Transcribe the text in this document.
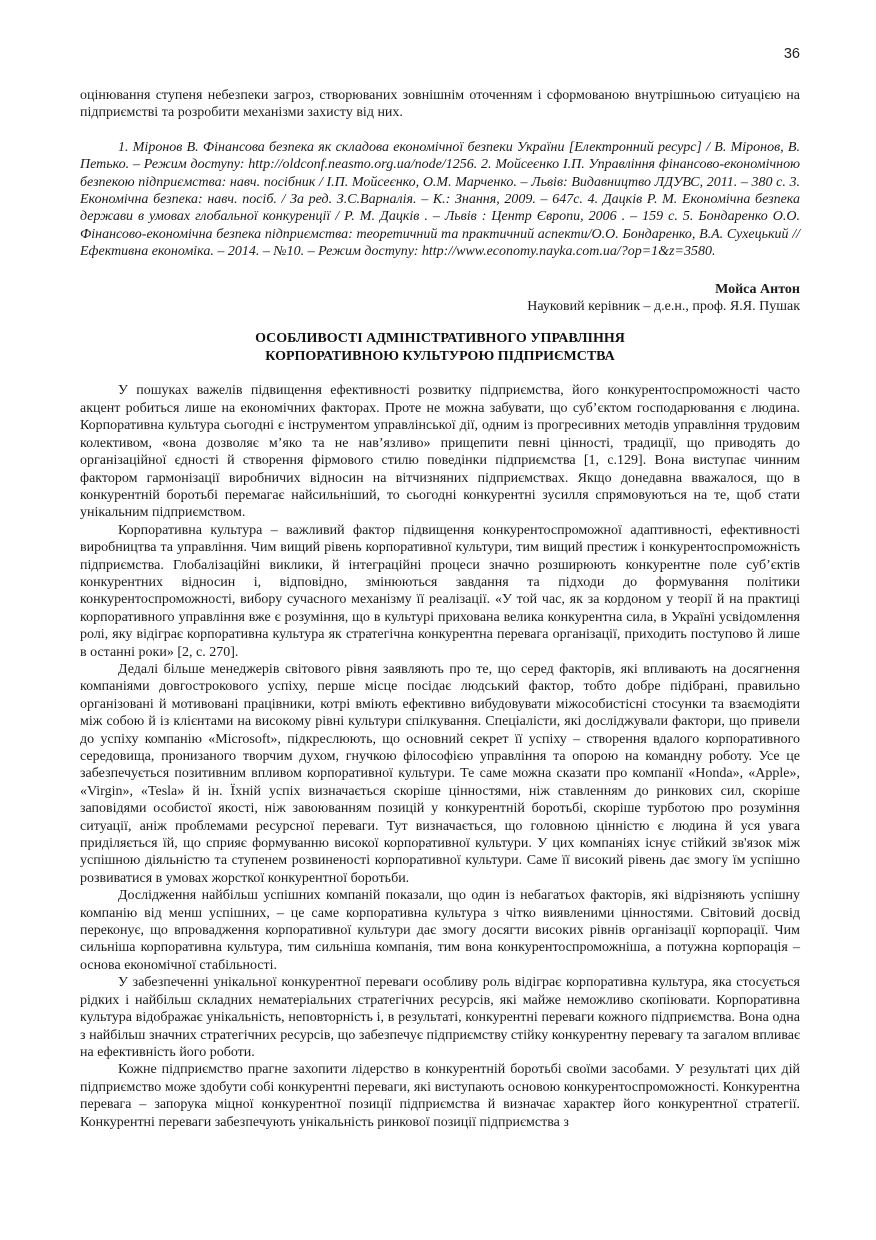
36

оцінювання ступеня небезпеки загроз, створюваних зовнішнім оточенням і сформованою внутрішньою ситуацією на підприємстві та розробити механізми захисту від них.

1. Міронов В. Фінансова безпека як складова економічної безпеки України [Електронний ресурс] / В. Міронов, В. Петько. – Режим доступу: http://oldconf.neasmo.org.ua/node/1256. 2. Мойсеєнко І.П. Управління фінансово-економічною безпекою підприємства: навч. посібник / І.П. Мойсеєнко, О.М. Марченко. – Львів: Видавництво ЛДУВС, 2011. – 380 с. 3. Економічна безпека: навч. посіб. / За ред. З.С.Варналія. – К.: Знання, 2009. – 647с. 4. Дацків Р. М. Економічна безпека держави в умовах глобальної конкуренції / Р. М. Дацків . – Львів : Центр Європи, 2006 . – 159 с. 5. Бондаренко О.О. Фінансово-економічна безпека підприємства: теоретичний та практичний аспекти/О.О. Бондаренко, В.А. Сухецький //Ефективна економіка. – 2014. – №10. – Режим доступу: http://www.economy.nayka.com.ua/?op=1&z=3580.

Мойса Антон
Науковий керівник – д.е.н., проф. Я.Я. Пушак
ОСОБЛИВОСТІ АДМІНІСТРАТИВНОГО УПРАВЛІННЯ
КОРПОРАТИВНОЮ КУЛЬТУРОЮ ПІДПРИЄМСТВА

У пошуках важелів підвищення ефективності розвитку підприємства, його конкурентоспроможності часто акцент робиться лише на економічних факторах. Проте не можна забувати, що суб’єктом господарювання є людина. Корпоративна культура сьогодні є інструментом управлінської дії, одним із прогресивних методів управління трудовим колективом, «вона дозволяє м’яко та не нав’язливо» прищепити певні цінності, традиції, що приводять до організаційної єдності й створення фірмового стилю поведінки підприємства [1, с.129]. Вона виступає чинним фактором гармонізації виробничих відносин на вітчизняних підприємствах. Якщо донедавна вважалося, що в конкурентній боротьбі перемагає найсильніший, то сьогодні конкурентні зусилля спрямовуються на те, щоб стати унікальним підприємством.

Корпоративна культура – важливий фактор підвищення конкурентоспроможної адаптивності, ефективності виробництва та управління. Чим вищий рівень корпоративної культури, тим вищий престиж і конкурентоспроможність підприємства. Глобалізаційні виклики, й інтеграційні процеси значно розширюють конкурентне поле суб’єктів конкурентних відносин і, відповідно, змінюються завдання та підходи до формування політики конкурентоспроможності, вибору сучасного механізму її реалізації. «У той час, як за кордоном у теорії й на практиці корпоративного управління вже є розуміння, що в культурі прихована велика конкурентна сила, в Україні усвідомлення ролі, яку відіграє корпоративна культура як стратегічна конкурентна перевага організації, приходить поступово й лише в останні роки» [2, с. 270].

Дедалі більше менеджерів світового рівня заявляють про те, що серед факторів, які впливають на досягнення компаніями довгострокового успіху, перше місце посідає людський фактор, тобто добре підібрані, правильно організовані й мотивовані працівники, котрі вміють ефективно вибудовувати міжособистісні стосунки та взаємодіяти між собою й із клієнтами на високому рівні культури спілкування. Спеціалісти, які досліджували фактори, що привели до успіху компанію «Microsoft», підкреслюють, що основний секрет її успіху – створення вдалого корпоративного середовища, пронизаного творчим духом, гнучкою філософією управління та опорою на командну роботу. Усе це забезпечується позитивним впливом корпоративної культури. Те саме можна сказати про компанії «Honda», «Apple», «Virgin», «Tesla» й ін. Їхній успіх визначається скоріше цінностями, ніж ставленням до ринкових сил, скоріше заповідями особистої якості, ніж завоюванням позицій у конкурентній боротьбі, скоріше турботою про розуміння ситуації, аніж проблемами ресурсної переваги. Тут визначається, що головною цінністю є людина й уся увага приділяється їй, що сприяє формуванню високої корпоративної культури. У цих компаніях існує стійкий зв'язок між успішною діяльністю та ступенем розвиненості корпоративної культури. Саме її високий рівень дає змогу їм успішно розвиватися в умовах жорсткої конкурентної боротьби.

Дослідження найбільш успішних компаній показали, що один із небагатьох факторів, які відрізняють успішну компанію від менш успішних, – це саме корпоративна культура з чітко виявленими цінностями. Світовий досвід переконує, що впровадження корпоративної культури дає змогу досягти високих рівнів організації корпорації. Чим сильніша корпоративна культура, тим сильніша компанія, тим вона конкурентоспроможніша, а потужна корпорація – основа економічної стабільності.

У забезпеченні унікальної конкурентної переваги особливу роль відіграє корпоративна культура, яка стосується рідких і найбільш складних нематеріальних стратегічних ресурсів, які майже неможливо скопіювати. Корпоративна культура відображає унікальність, неповторність і, в результаті, конкурентні переваги кожного підприємства. Вона одна з найбільш значних стратегічних ресурсів, що забезпечує підприємству стійку конкурентну перевагу та загалом впливає на ефективність його роботи.

Кожне підприємство прагне захопити лідерство в конкурентній боротьбі своїми засобами. У результаті цих дій підприємство може здобути собі конкурентні переваги, які виступають основою конкурентоспроможності. Конкурентна перевага – запорука міцної конкурентної позиції підприємства й визначає характер його конкурентної стратегії. Конкурентні переваги забезпечують унікальність ринкової позиції підприємства з
